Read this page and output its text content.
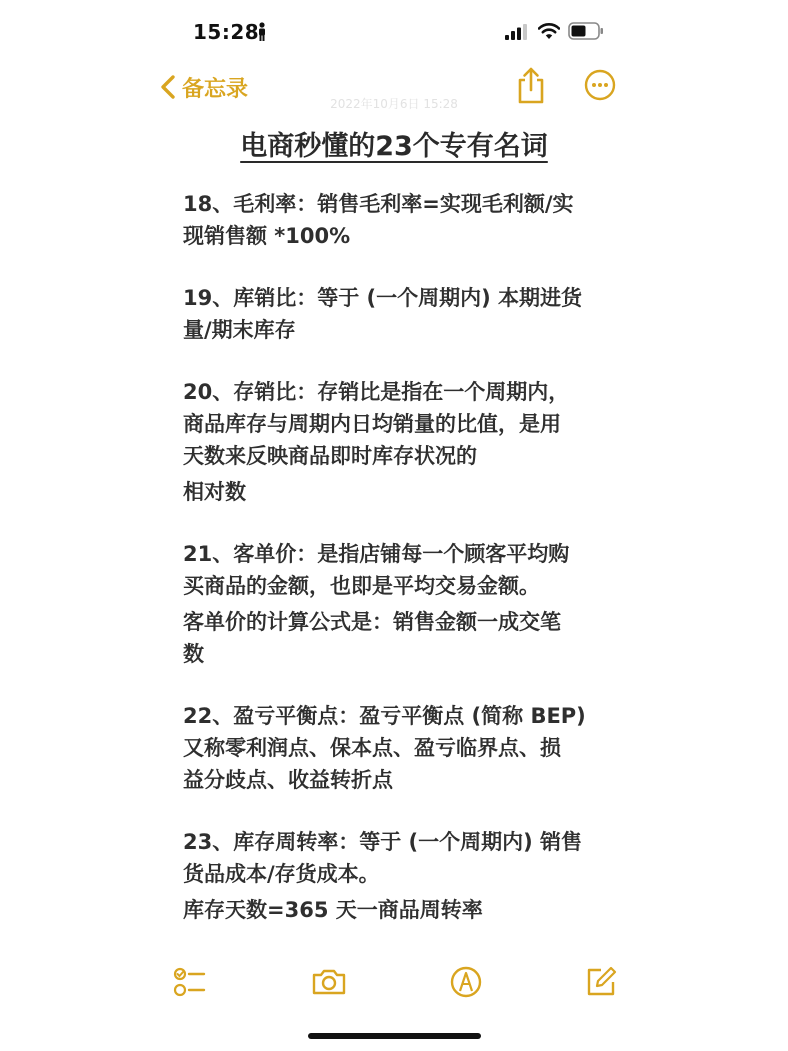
15:28
备忘录
2022年10月6日 15:28
电商秒懂的23个专有名词

18、毛利率：销售毛利率=实现毛利额/实

现销售额 *100%

19、库销比：等于 (一个周期内) 本期进货

量/期末库存

20、存销比：存销比是指在一个周期内，

商品库存与周期内日均销量的比值，是用

天数来反映商品即时库存状况的

相对数

21、客单价：是指店铺每一个顾客平均购

买商品的金额，也即是平均交易金额。

客单价的计算公式是：销售金额一成交笔

数

22、盈亏平衡点：盈亏平衡点 (简称 BEP)

又称零利润点、保本点、盈亏临界点、损

益分歧点、收益转折点

23、库存周转率：等于 (一个周期内) 销售

货品成本/存货成本。

库存天数=365 天一商品周转率
